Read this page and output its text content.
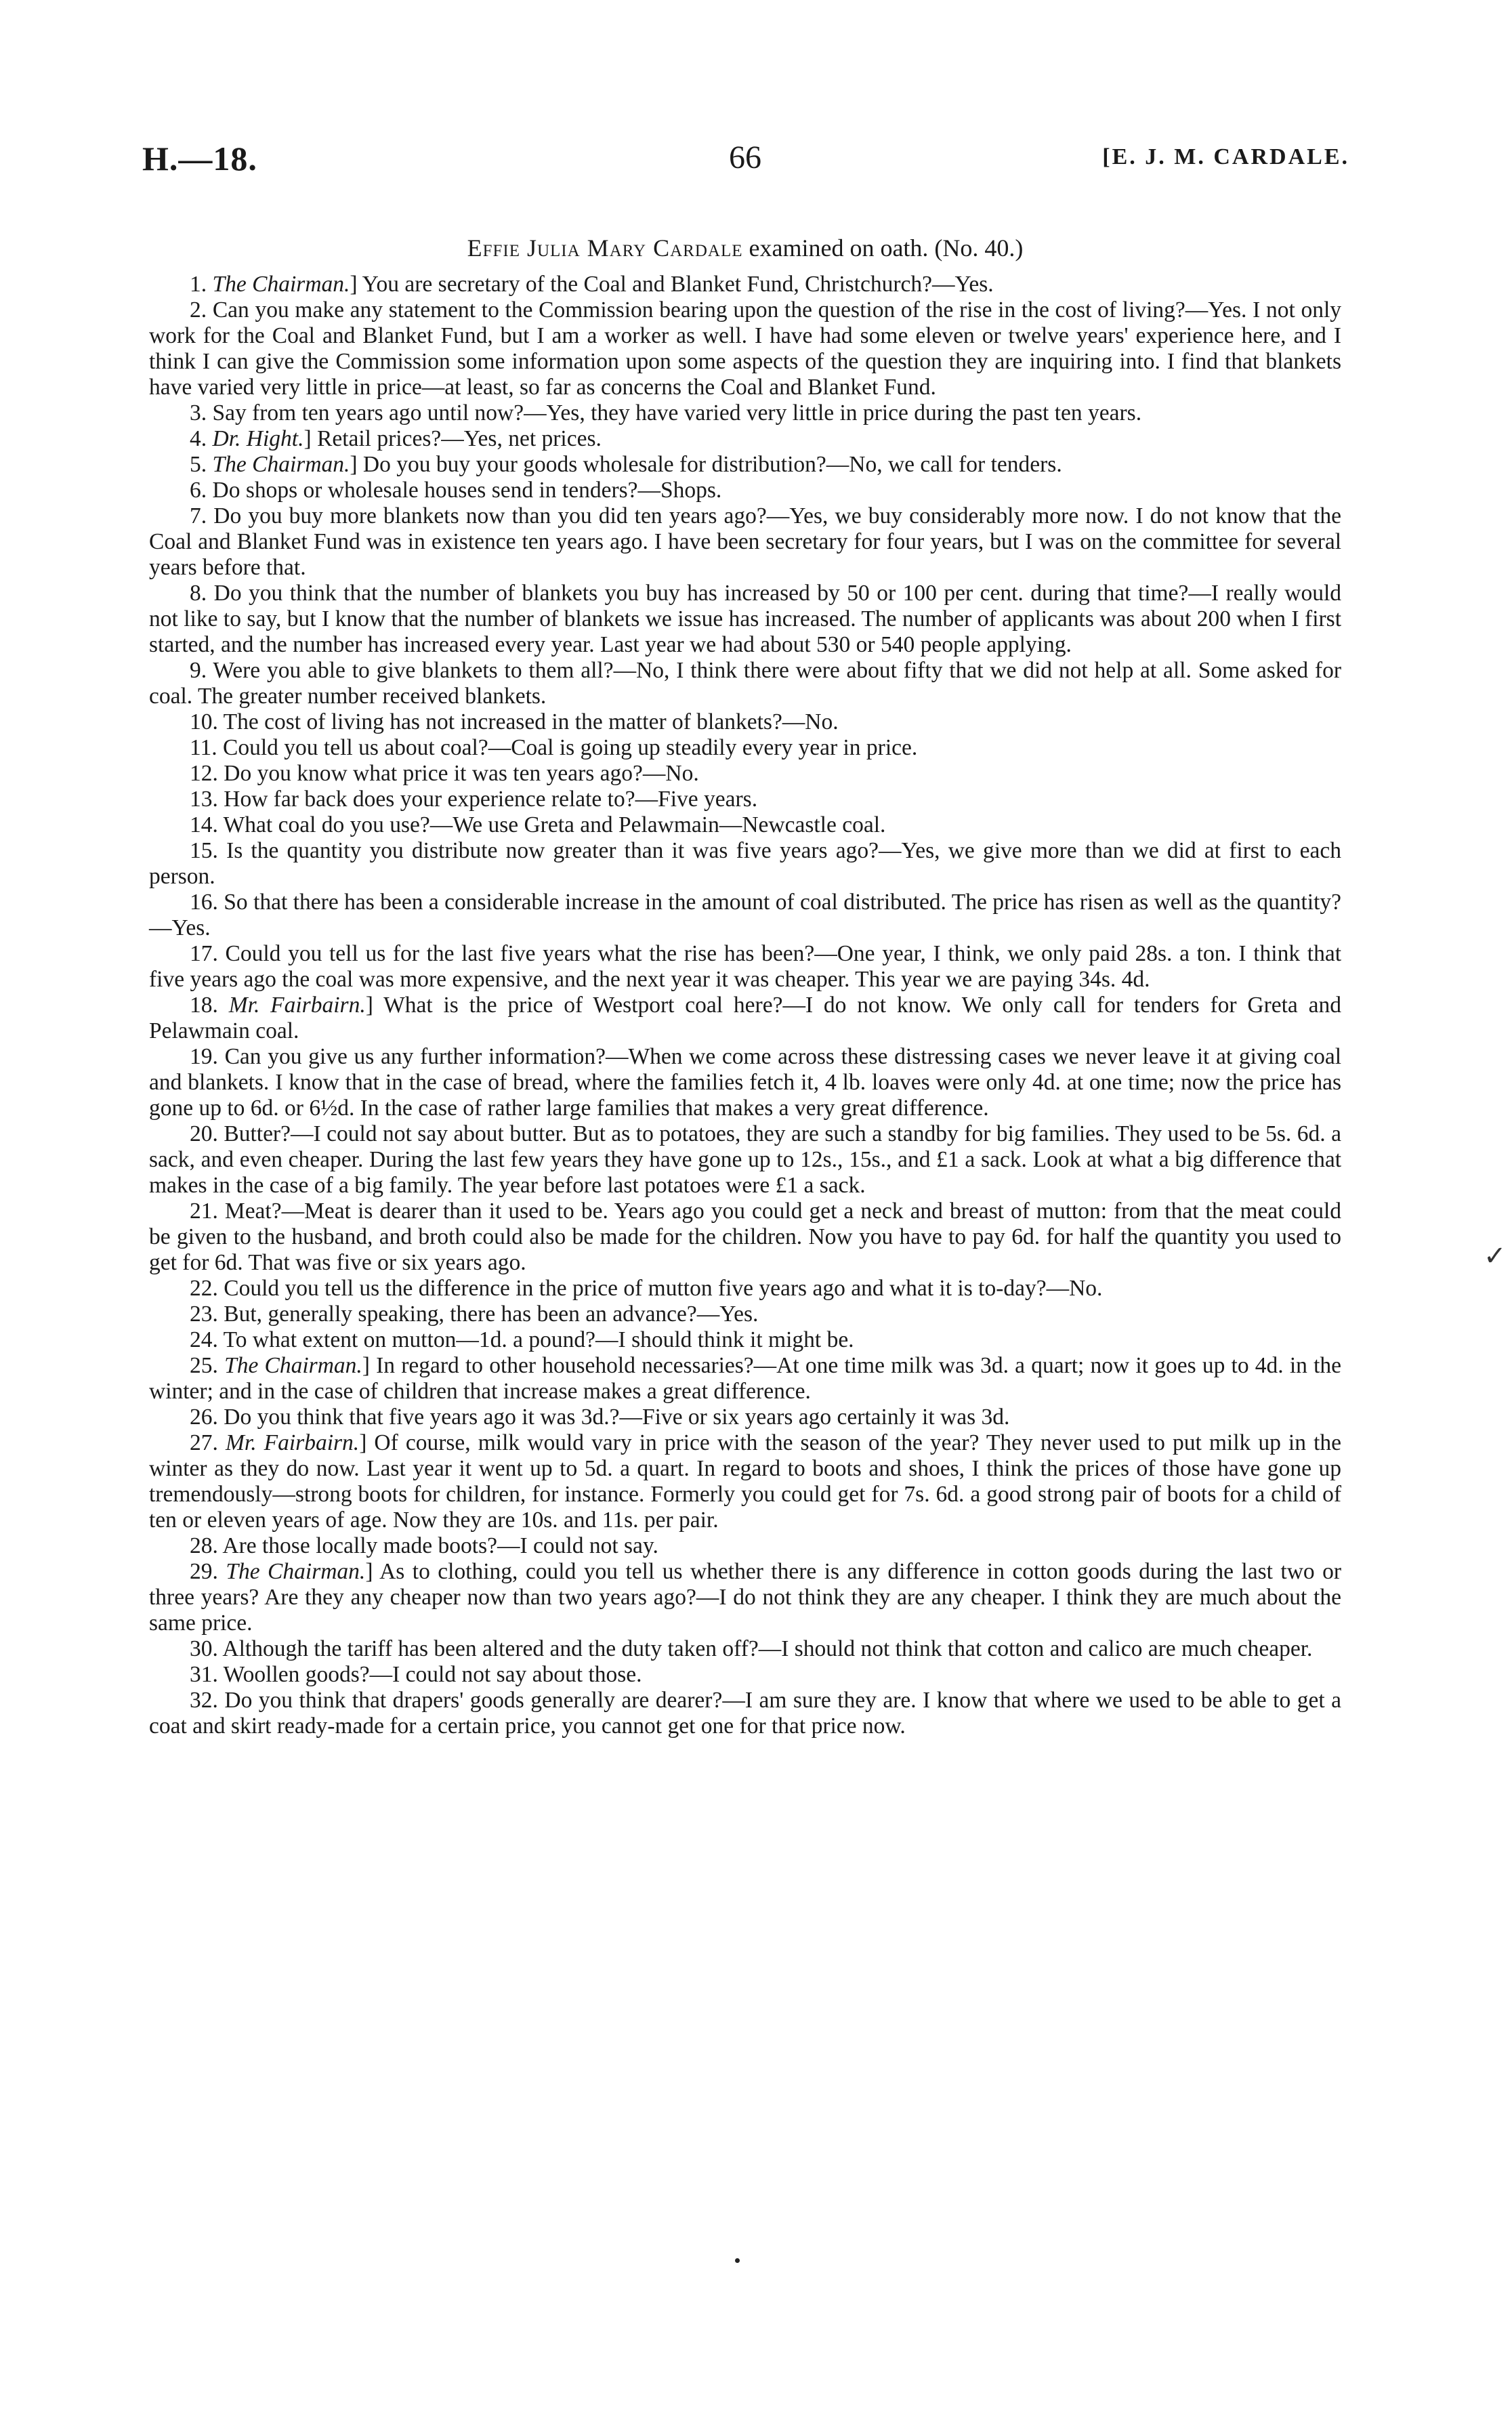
H.—18.	66	[E. J. M. CARDALE.
Effie Julia Mary Cardale examined on oath. (No. 40.)

1. The Chairman.] You are secretary of the Coal and Blanket Fund, Christchurch?—Yes.

2. Can you make any statement to the Commission bearing upon the question of the rise in the cost of living?—Yes. I not only work for the Coal and Blanket Fund, but I am a worker as well. I have had some eleven or twelve years' experience here, and I think I can give the Commission some information upon some aspects of the question they are inquiring into. I find that blankets have varied very little in price—at least, so far as concerns the Coal and Blanket Fund.

3. Say from ten years ago until now?—Yes, they have varied very little in price during the past ten years.

4. Dr. Hight.] Retail prices?—Yes, net prices.

5. The Chairman.] Do you buy your goods wholesale for distribution?—No, we call for tenders.

6. Do shops or wholesale houses send in tenders?—Shops.

7. Do you buy more blankets now than you did ten years ago?—Yes, we buy considerably more now. I do not know that the Coal and Blanket Fund was in existence ten years ago. I have been secretary for four years, but I was on the committee for several years before that.

8. Do you think that the number of blankets you buy has increased by 50 or 100 per cent. during that time?—I really would not like to say, but I know that the number of blankets we issue has increased. The number of applicants was about 200 when I first started, and the number has increased every year. Last year we had about 530 or 540 people applying.

9. Were you able to give blankets to them all?—No, I think there were about fifty that we did not help at all. Some asked for coal. The greater number received blankets.

10. The cost of living has not increased in the matter of blankets?—No.

11. Could you tell us about coal?—Coal is going up steadily every year in price.

12. Do you know what price it was ten years ago?—No.

13. How far back does your experience relate to?—Five years.

14. What coal do you use?—We use Greta and Pelawmain—Newcastle coal.

15. Is the quantity you distribute now greater than it was five years ago?—Yes, we give more than we did at first to each person.

16. So that there has been a considerable increase in the amount of coal distributed. The price has risen as well as the quantity?—Yes.

17. Could you tell us for the last five years what the rise has been?—One year, I think, we only paid 28s. a ton. I think that five years ago the coal was more expensive, and the next year it was cheaper. This year we are paying 34s. 4d.

18. Mr. Fairbairn.] What is the price of Westport coal here?—I do not know. We only call for tenders for Greta and Pelawmain coal.

19. Can you give us any further information?—When we come across these distressing cases we never leave it at giving coal and blankets. I know that in the case of bread, where the families fetch it, 4 lb. loaves were only 4d. at one time; now the price has gone up to 6d. or 6½d. In the case of rather large families that makes a very great difference.

20. Butter?—I could not say about butter. But as to potatoes, they are such a standby for big families. They used to be 5s. 6d. a sack, and even cheaper. During the last few years they have gone up to 12s., 15s., and £1 a sack. Look at what a big difference that makes in the case of a big family. The year before last potatoes were £1 a sack.

21. Meat?—Meat is dearer than it used to be. Years ago you could get a neck and breast of mutton: from that the meat could be given to the husband, and broth could also be made for the children. Now you have to pay 6d. for half the quantity you used to get for 6d. That was five or six years ago.

22. Could you tell us the difference in the price of mutton five years ago and what it is to-day?—No.

23. But, generally speaking, there has been an advance?—Yes.

24. To what extent on mutton—1d. a pound?—I should think it might be.

25. The Chairman.] In regard to other household necessaries?—At one time milk was 3d. a quart; now it goes up to 4d. in the winter; and in the case of children that increase makes a great difference.

26. Do you think that five years ago it was 3d.?—Five or six years ago certainly it was 3d.

27. Mr. Fairbairn.] Of course, milk would vary in price with the season of the year? They never used to put milk up in the winter as they do now. Last year it went up to 5d. a quart. In regard to boots and shoes, I think the prices of those have gone up tremendously—strong boots for children, for instance. Formerly you could get for 7s. 6d. a good strong pair of boots for a child of ten or eleven years of age. Now they are 10s. and 11s. per pair.

28. Are those locally made boots?—I could not say.

29. The Chairman.] As to clothing, could you tell us whether there is any difference in cotton goods during the last two or three years? Are they any cheaper now than two years ago?—I do not think they are any cheaper. I think they are much about the same price.

30. Although the tariff has been altered and the duty taken off?—I should not think that cotton and calico are much cheaper.

31. Woollen goods?—I could not say about those.

32. Do you think that drapers' goods generally are dearer?—I am sure they are. I know that where we used to be able to get a coat and skirt ready-made for a certain price, you cannot get one for that price now.

✓
